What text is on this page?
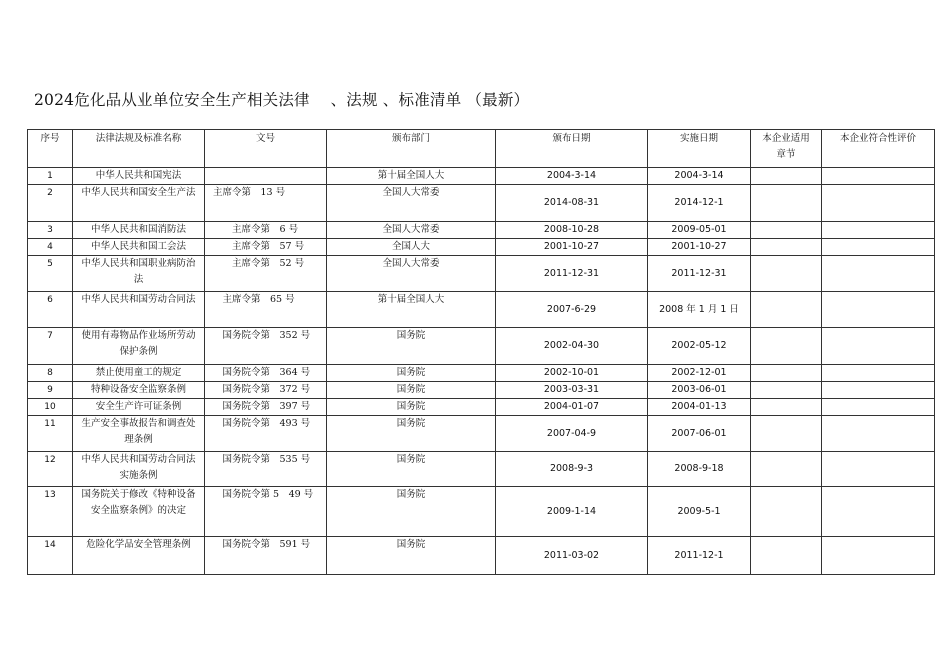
2024危化品从业单位安全生产相关法律　 、法规 、标准清单 （最新）
序号	法律法规及标准名称	文号	颁布部门	颁布日期	实施日期	本企业适用章节	本企业符合性评价
1	中华人民共和国宪法		第十届全国人大	2004-3-14	2004-3-14		
2	中华人民共和国安全生产法	主席令第　13 号	全国人大常委	2014-08-31	2014-12-1		
3	中华人民共和国消防法	　　主席令第　6 号	全国人大常委	2008-10-28	2009-05-01		
4	中华人民共和国工会法	　　主席令第　57 号	全国人大	2001-10-27	2001-10-27		
5	中华人民共和国职业病防治法	　　主席令第　52 号	全国人大常委	2011-12-31	2011-12-31		
6	中华人民共和国劳动合同法	　主席令第　65 号	第十届全国人大	2007-6-29	2008 年 1 月 1 日		
7	使用有毒物品作业场所劳动保护条例	　国务院令第　352 号	国务院	2002-04-30	2002-05-12		
8	禁止使用童工的规定	　国务院令第　364 号	国务院	2002-10-01	2002-12-01		
9	特种设备安全监察条例	　国务院令第　372 号	国务院	2003-03-31	2003-06-01		
10	安全生产许可证条例	　国务院令第　397 号	国务院	2004-01-07	2004-01-13		
11	生产安全事故报告和调查处理条例	　国务院令第　493 号	国务院	2007-04-9	2007-06-01		
12	中华人民共和国劳动合同法实施条例	　国务院令第　535 号	国务院	2008-9-3	2008-9-18		
13	国务院关于修改《特种设备安全监察条例》的决定	　国务院令第 5　49 号	国务院	2009-1-14	2009-5-1		
14	危险化学品安全管理条例	　国务院令第　591 号	国务院	2011-03-02	2011-12-1		
